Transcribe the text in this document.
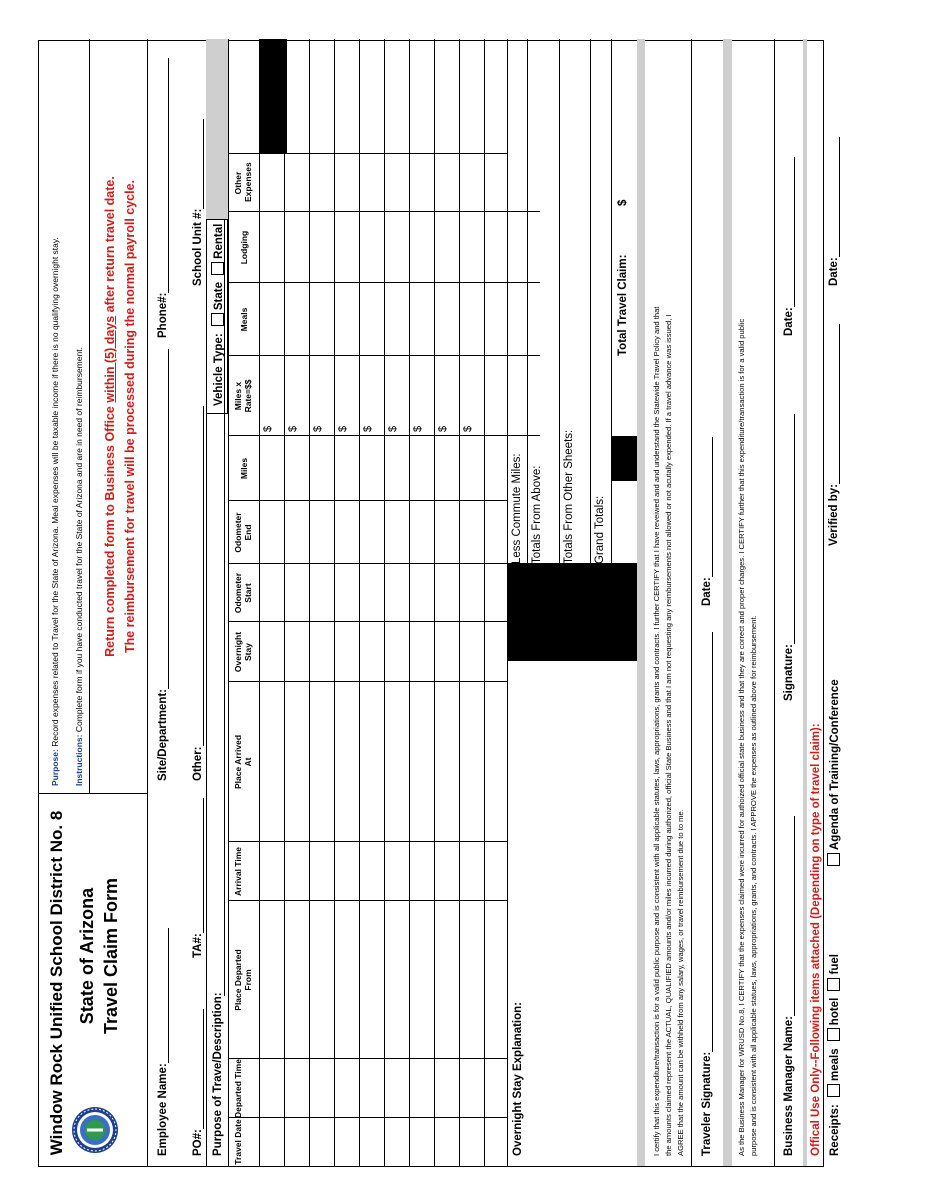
Window Rock Unified School District No. 8 State of Arizona Travel Claim Form
Purpose: Record expenses related to Travel for the State of Arizona. Meal expenses will be taxable income if there is no qualifying overnight stay.
Instructions: Complete form if you have conducted travel for the State of Arizona and are in need of reimbursement. Return completed form to Business Office within (5) days after return travel date. The reimbursement for travel will be processed during the normal payroll cycle.
Employee Name:
Site/Department:
Phone#:
PO#:
TA#:
Other:
School Unit #:
Purpose of Trave/Description:
Vehicle Type: State Rental
Travel Date
Departed Time
Place Departed From
Arrival Time
Place Arrived At
Overnight Stay
Odometer Start
Odometer End
Miles
Miles x Rate=$$
Meals
Lodging
Other Expenses
$ $ $ $ $ $ $ $ $
Overnight Stay Explanation:
Less Commute Miles: Totals From Above: Totals From Other Sheets: Grand Totals:
Total Travel Claim:
$
I certify that this expenditure/transaction is for a valid public purpose and is consistent with all applicable statutes, laws, appropriations, grants and contracts. I further CERTIFY that I have reveiwed and and understand the Statewide Travel Policy and that the amounts claimed represent the ACTUAL, QUALIFIED amounts and/or miles incurred during authorized, official State Business and that I am not requesting any reimbursements not allowed or not acutally expended. If a travel advance was issued, I AGREE that the amount can be withheld from any salary, wages, or travel reimbursement due to to me. Traveler Signature:
Date:	As the Business Manager for WRUSD No.8, I CERTIFY that the expenses claimed were incurred for authoized official state business and that they are correct and proper charges. I CERTIFY further that this expenditure/transaction is for a valid public purpose and is consistent with all applicable statues, laws, appropriations, grants, and contracts. I APPROVE the expenses as outlined above for reimbursement. Business Manager Name:
Signature:
Date:
Offical Use Only--Following items attached (Depending on type of travel claim): Receipts: meals hotel fuel
Agenda of Training/Conference
Verified by:
Date:
